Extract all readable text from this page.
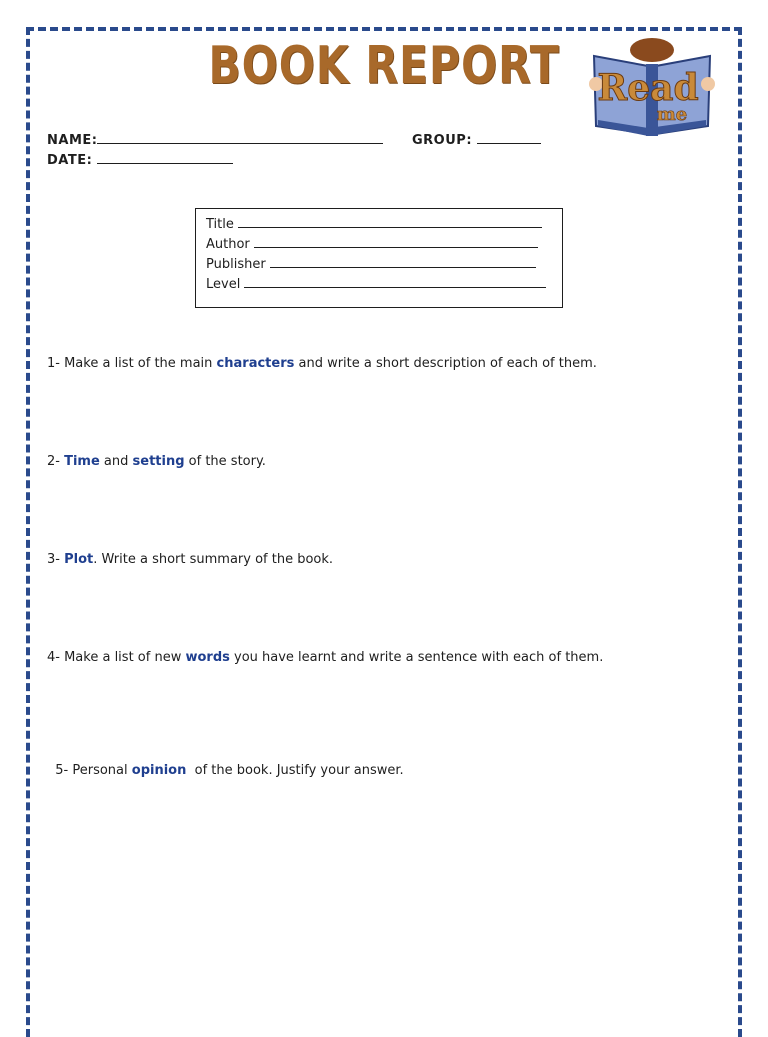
BOOK REPORT	Read
me
NAME:	GROUP:
DATE:
Title
Author
Publisher
Level
1- Make a list of the main characters and write a short description of each of them.
2- Time and setting of the story.
3- Plot. Write a short summary of the book.
4- Make a list of new words you have learnt and write a sentence with each of them.

5- Personal opinion  of the book. Justify your answer.
